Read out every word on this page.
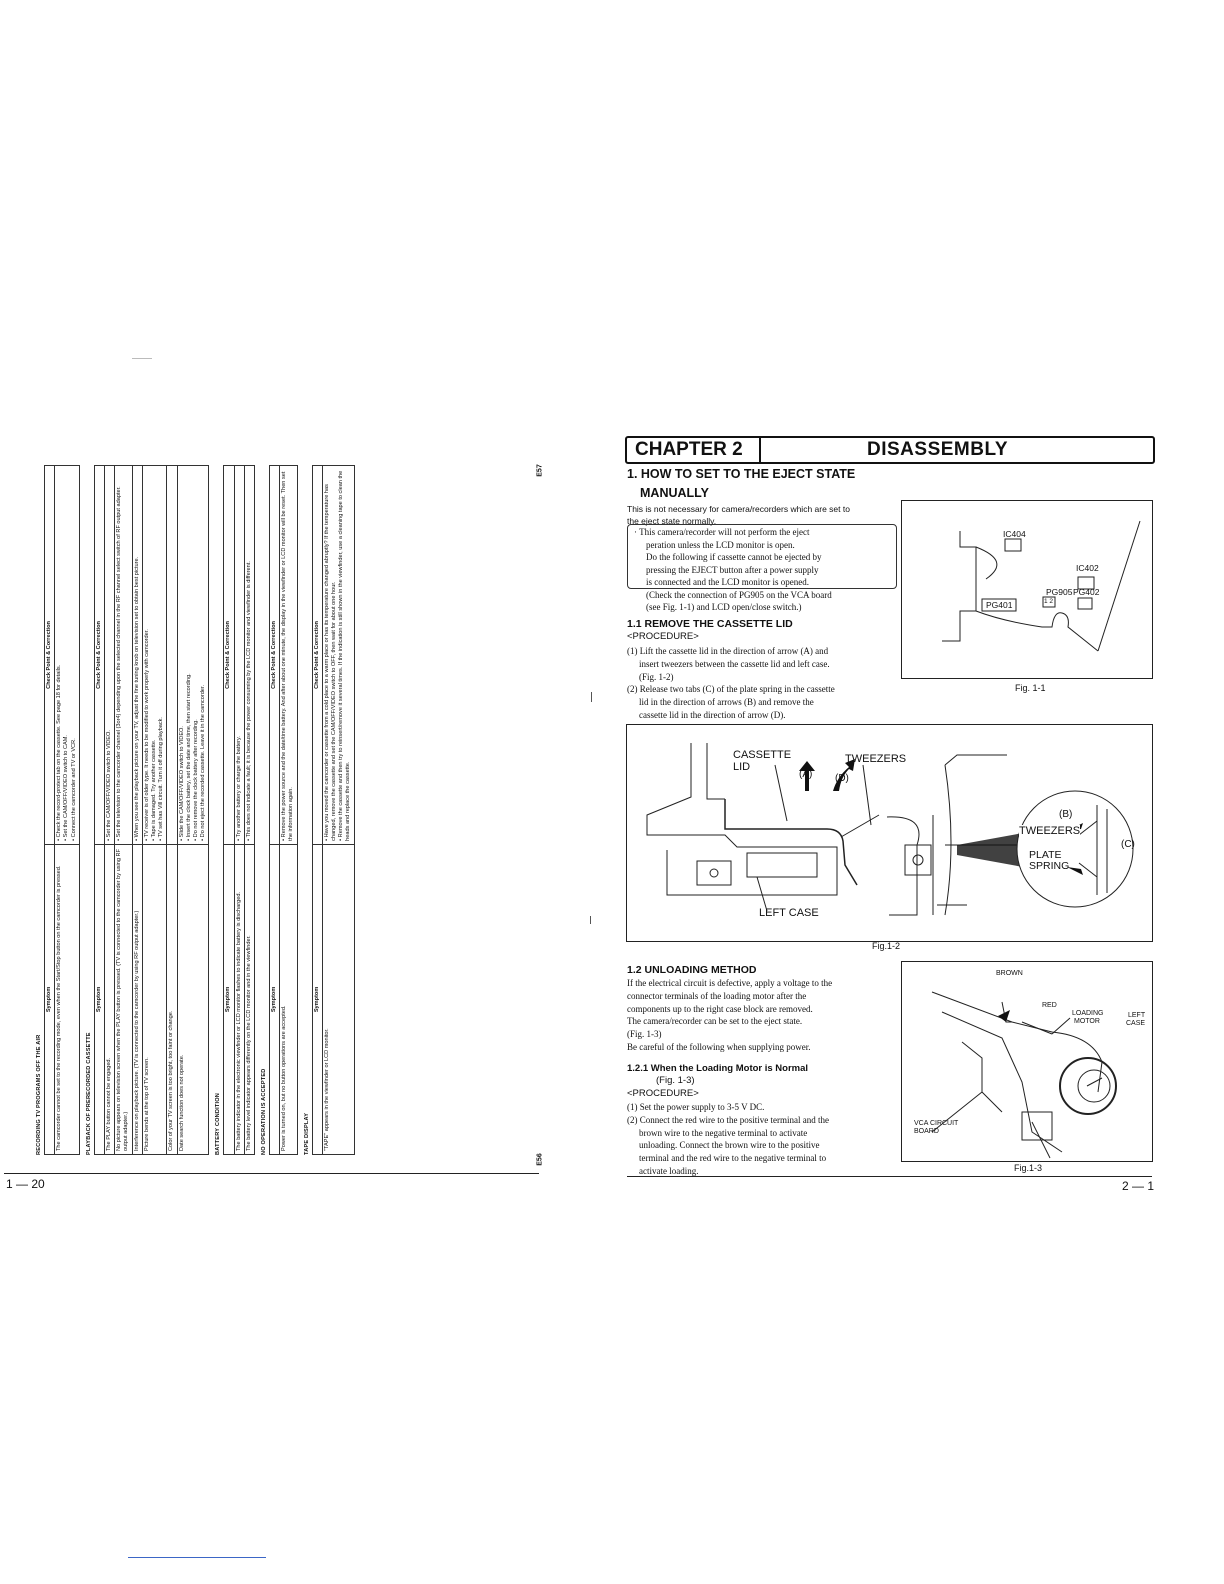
RECORDING TV PROGRAMS OFF THE AIR
Symptom	Check Point & Correction
The camcorder cannot be set to the recording mode, even when the Start/Stop button on the camcorder is pressed.	• Check the record-protect tab on the cassette. See page 18 for details. • Set the CAM/OFF/VIDEO switch to CAM. • Connect the camcorder and TV or VCR.
PLAYBACK OF PRERECORDED CASSETTE
Symptom	Check Point & Correction
The PLAY button cannot be engaged.	• Set the CAM/OFF/VIDEO switch to VIDEO.

No picture appears on television screen when the PLAY button is pressed. (TV is connected to the camcorder by using RF output adapter.)	• Set the television to the camcorder channel (3or4) depending upon the selected channel in the RF channel select switch of RF output adapter.

Interference on playback picture. (TV is connected to the camcorder by using RF output adapter.)	• When you see the playback picture on your TV, adjust the fine tuning knob on television set to obtain best picture.

Picture bends at the top of TV screen.	• TV receiver is of older type. It needs to be modified to work properly with camcorder. • Tape is damaged. Try another cassette. • TV set has Vill circuit. Turn it off during playback.

Color of your TV screen is too bright, too faint or change.	
Date search function does not operate.	• Slide the CAM/OFF/VIDEO switch to VIDEO. • Insert the clock battery, set the date and time, then start recording. • Do not remove the clock battery after recording. • Do not eject the recorded cassette. Leave it in the camcorder.
BATTERY CONDITION
Symptom	Check Point & Correction
The battery indicator in the electronic viewfinder or LCD monitor flashes to indicate battery is discharged.	• Try another battery or charge the battery.

The battery level indicator appears differently on the LCD monitor and in the viewfinder.	• This does not indicate a fault; it is because the power consuming by the LCD monitor and viewfinder is different.
NO OPERATION IS ACCEPTED
Symptom	Check Point & Correction
Power is turned on, but no button operations are accepted.	• Remove the power source and the date/time battery. And after about one minute, the display in the viewfinder or LCD monitor will be reset. Then set the information again.
TAPE DISPLAY
Symptom	Check Point & Correction
"TAPE" appears in the viewfinder or LCD monitor.	• Have you moved the camcorder or cassette from a cold place to a warm place or has its temperature changed abruptly? If the temperature has changed, remove the cassette and set the CAM/OFF/VIDEO switch to OFF, then wait for about one hour. • Remove the cassette and then try to reinsert/remove it several times. If the indication is still shown in the viewfinder, use a cleaning tape to clean the heads and replace the cassette.
E57
E56
1 — 20
CHAPTER 2	DISASSEMBLY
1. HOW TO SET TO THE EJECT STATE
MANUALLY
This is not necessary for camera/recorders which are set to
the eject state normally.
· This camera/recorder will not perform the eject
peration unless the LCD monitor is open.
Do the following if cassette cannot be ejected by
pressing the EJECT button after a power supply
is connected and the LCD monitor is opened.
(Check the connection of PG905 on the VCA board
(see Fig. 1-1) and LCD open/close switch.)
1.1 REMOVE THE CASSETTE LID
<PROCEDURE>
(1) Lift the cassette lid in the direction of arrow (A) and
insert tweezers between the cassette lid and left case.
(Fig. 1-2)
(2) Release two tabs (C) of the plate spring in the cassette
lid in the direction of arrows (B) and remove the
cassette lid in the direction of arrow (D).
IC404
IC402
PG905 PG402
PG401	1 2
Fig. 1-1
CASSETTE
LID
TWEEZERS
(A) (D)
LEFT CASE
(B)
TWEEZERS
PLATE
SPRING
(C)
Fig.1-2
1.2 UNLOADING METHOD
If the electrical circuit is defective, apply a voltage to the
connector terminals of the loading motor after the
components up to the right case block are removed.
The camera/recorder can be set to the eject state.
(Fig. 1-3)
Be careful of the following when supplying power.
1.2.1 When the Loading Motor is Normal
(Fig. 1-3)
<PROCEDURE>
(1) Set the power supply to 3-5 V DC.
(2) Connect the red wire to the positive terminal and the
brown wire to the negative terminal to activate
unloading. Connect the brown wire to the positive
terminal and the red wire to the negative terminal to
activate loading.
BROWN
RED
LOADING
MOTOR
LEFT
CASE
VCA CIRCUIT
BOARD
Fig.1-3
2 — 1
